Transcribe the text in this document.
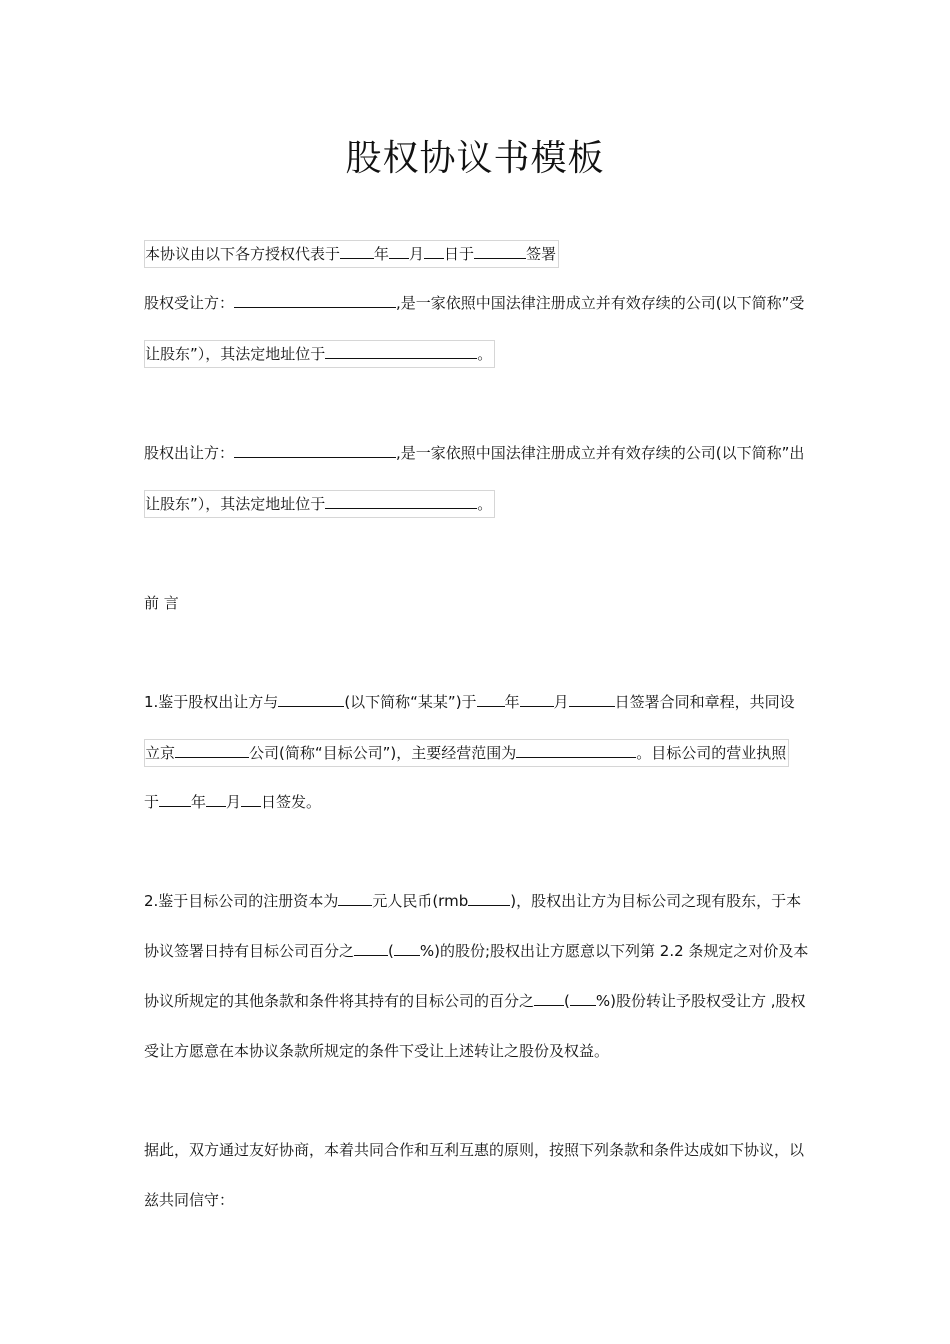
股权协议书模板
本协议由以下各方授权代表于 年 月 日于	签署
股权受让方：	,是一家依照中国法律注册成立并有效存续的公司(以下简称”受
让股东”），其法定地址位于	。
股权出让方：	,是一家依照中国法律注册成立并有效存续的公司(以下简称”出
让股东”），其法定地址位于	。
前 言
1.鉴于股权出让方与	(以下简称“某某”)于 年 月	日签署合同和章程，共同设
立京	公司(简称“目标公司”)，主要经营范围为	。目标公司的营业执照
于 年 月 日签发。
2.鉴于目标公司的注册资本为 元人民币(rmb	)，股权出让方为目标公司之现有股东，于本
协议签署日持有目标公司百分之 ( %)的股份;股权出让方愿意以下列第 2.2 条规定之对价及本
协议所规定的其他条款和条件将其持有的目标公司的百分之 ( %)股份转让予股权受让方 ,股权
受让方愿意在本协议条款所规定的条件下受让上述转让之股份及权益。
据此，双方通过友好协商，本着共同合作和互利互惠的原则，按照下列条款和条件达成如下协议，以
兹共同信守：
